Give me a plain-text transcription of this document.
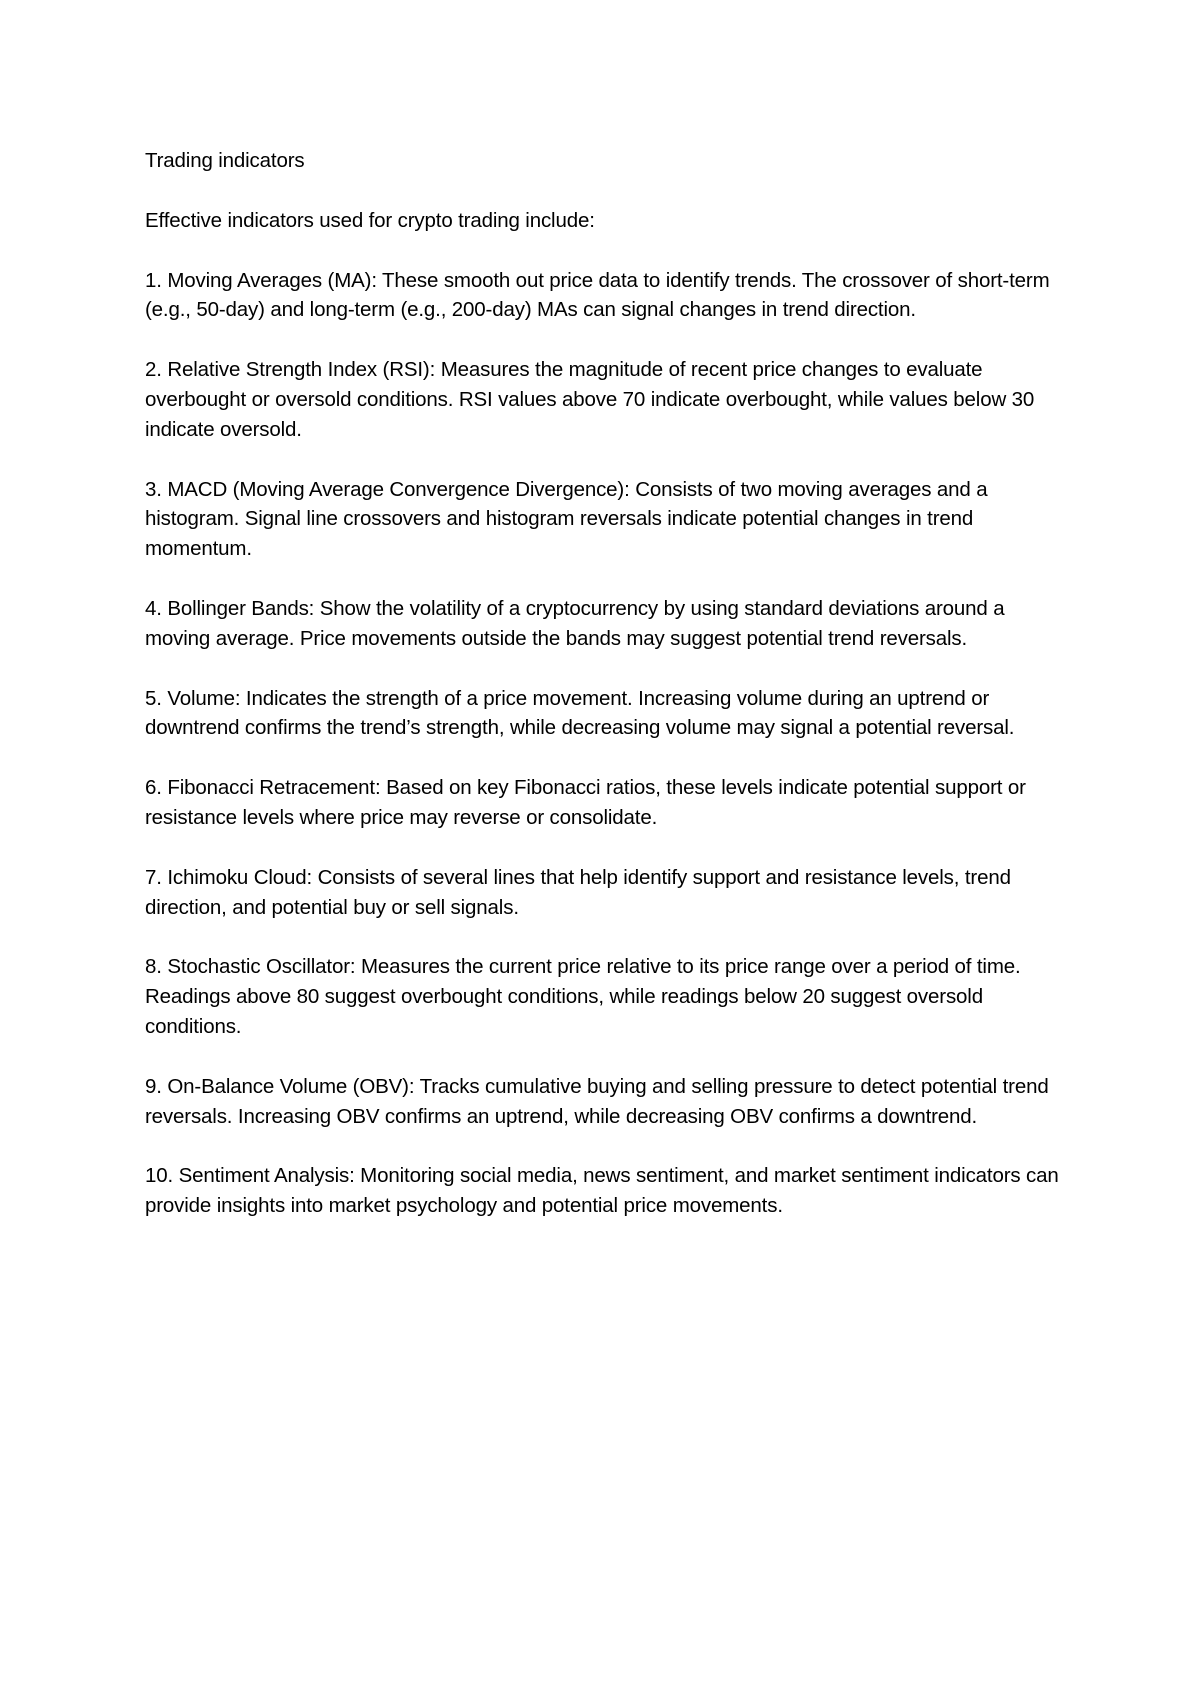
Trading indicators

Effective indicators used for crypto trading include:

1. Moving Averages (MA): These smooth out price data to identify trends. The crossover of short-term (e.g., 50-day) and long-term (e.g., 200-day) MAs can signal changes in trend direction.

2. Relative Strength Index (RSI): Measures the magnitude of recent price changes to evaluate overbought or oversold conditions. RSI values above 70 indicate overbought, while values below 30 indicate oversold.

3. MACD (Moving Average Convergence Divergence): Consists of two moving averages and a histogram. Signal line crossovers and histogram reversals indicate potential changes in trend momentum.

4. Bollinger Bands: Show the volatility of a cryptocurrency by using standard deviations around a moving average. Price movements outside the bands may suggest potential trend reversals.

5. Volume: Indicates the strength of a price movement. Increasing volume during an uptrend or downtrend confirms the trend’s strength, while decreasing volume may signal a potential reversal.

6. Fibonacci Retracement: Based on key Fibonacci ratios, these levels indicate potential support or resistance levels where price may reverse or consolidate.

7. Ichimoku Cloud: Consists of several lines that help identify support and resistance levels, trend direction, and potential buy or sell signals.

8. Stochastic Oscillator: Measures the current price relative to its price range over a period of time. Readings above 80 suggest overbought conditions, while readings below 20 suggest oversold conditions.

9. On-Balance Volume (OBV): Tracks cumulative buying and selling pressure to detect potential trend reversals. Increasing OBV confirms an uptrend, while decreasing OBV confirms a downtrend.

10. Sentiment Analysis: Monitoring social media, news sentiment, and market sentiment indicators can provide insights into market psychology and potential price movements.
